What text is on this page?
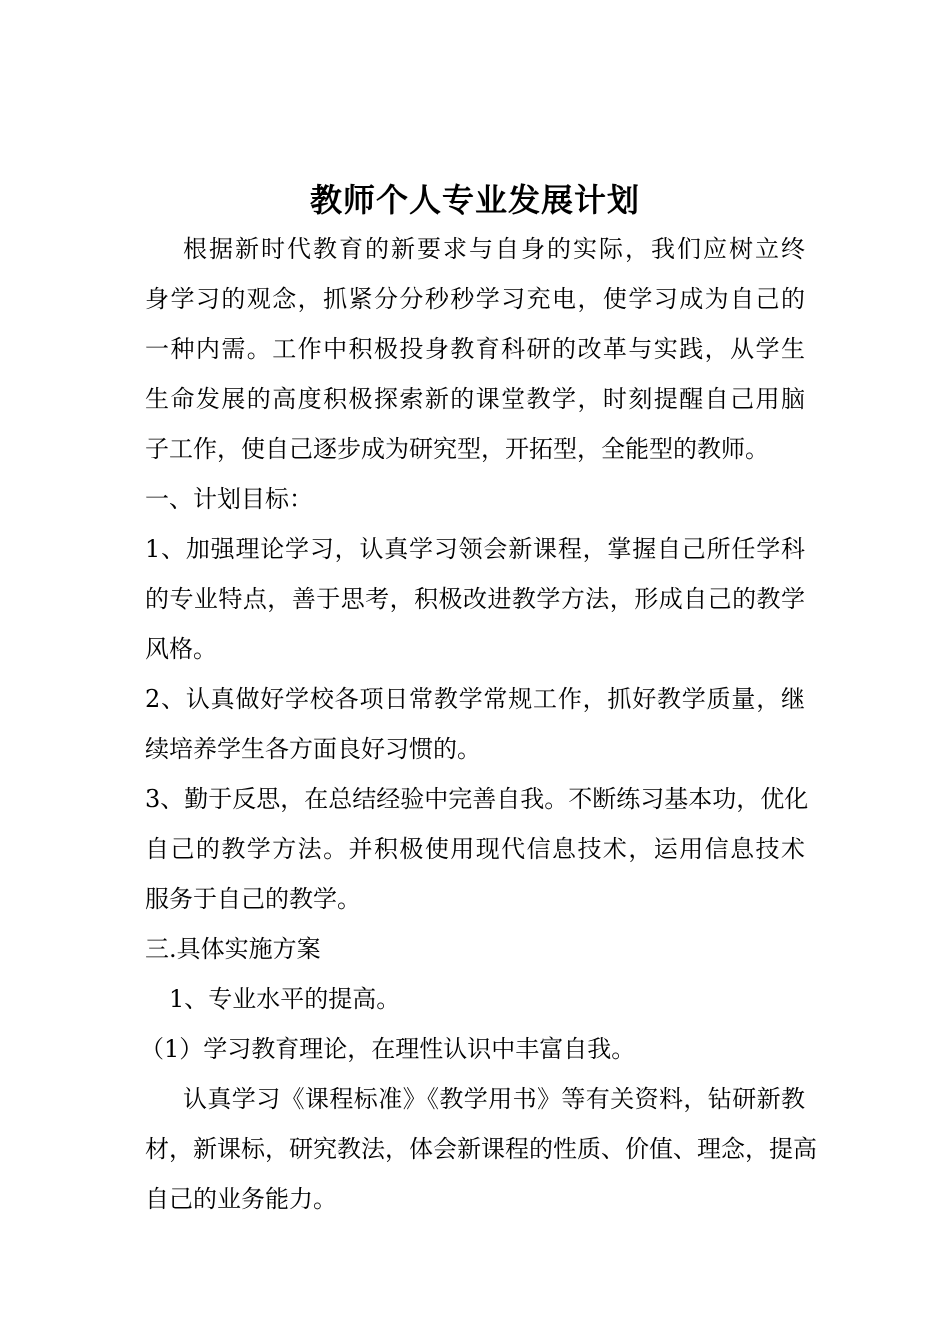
教师个人专业发展计划
根据新时代教育的新要求与自身的实际，我们应树立终
身学习的观念，抓紧分分秒秒学习充电，使学习成为自己的
一种内需。工作中积极投身教育科研的改革与实践，从学生
生命发展的高度积极探索新的课堂教学，时刻提醒自己用脑
子工作，使自己逐步成为研究型，开拓型，全能型的教师。
一、计划目标：
1、加强理论学习，认真学习领会新课程，掌握自己所任学科
的专业特点，善于思考，积极改进教学方法，形成自己的教学
风格。
2、认真做好学校各项日常教学常规工作，抓好教学质量，继
续培养学生各方面良好习惯的。
3、勤于反思，在总结经验中完善自我。不断练习基本功，优化
自己的教学方法。并积极使用现代信息技术，运用信息技术
服务于自己的教学。
三.具体实施方案
1、专业水平的提高。
（1）学习教育理论，在理性认识中丰富自我。
认真学习《课程标准》《教学用书》等有关资料，钻研新教
材，新课标，研究教法，体会新课程的性质、价值、理念，提高
自己的业务能力。
